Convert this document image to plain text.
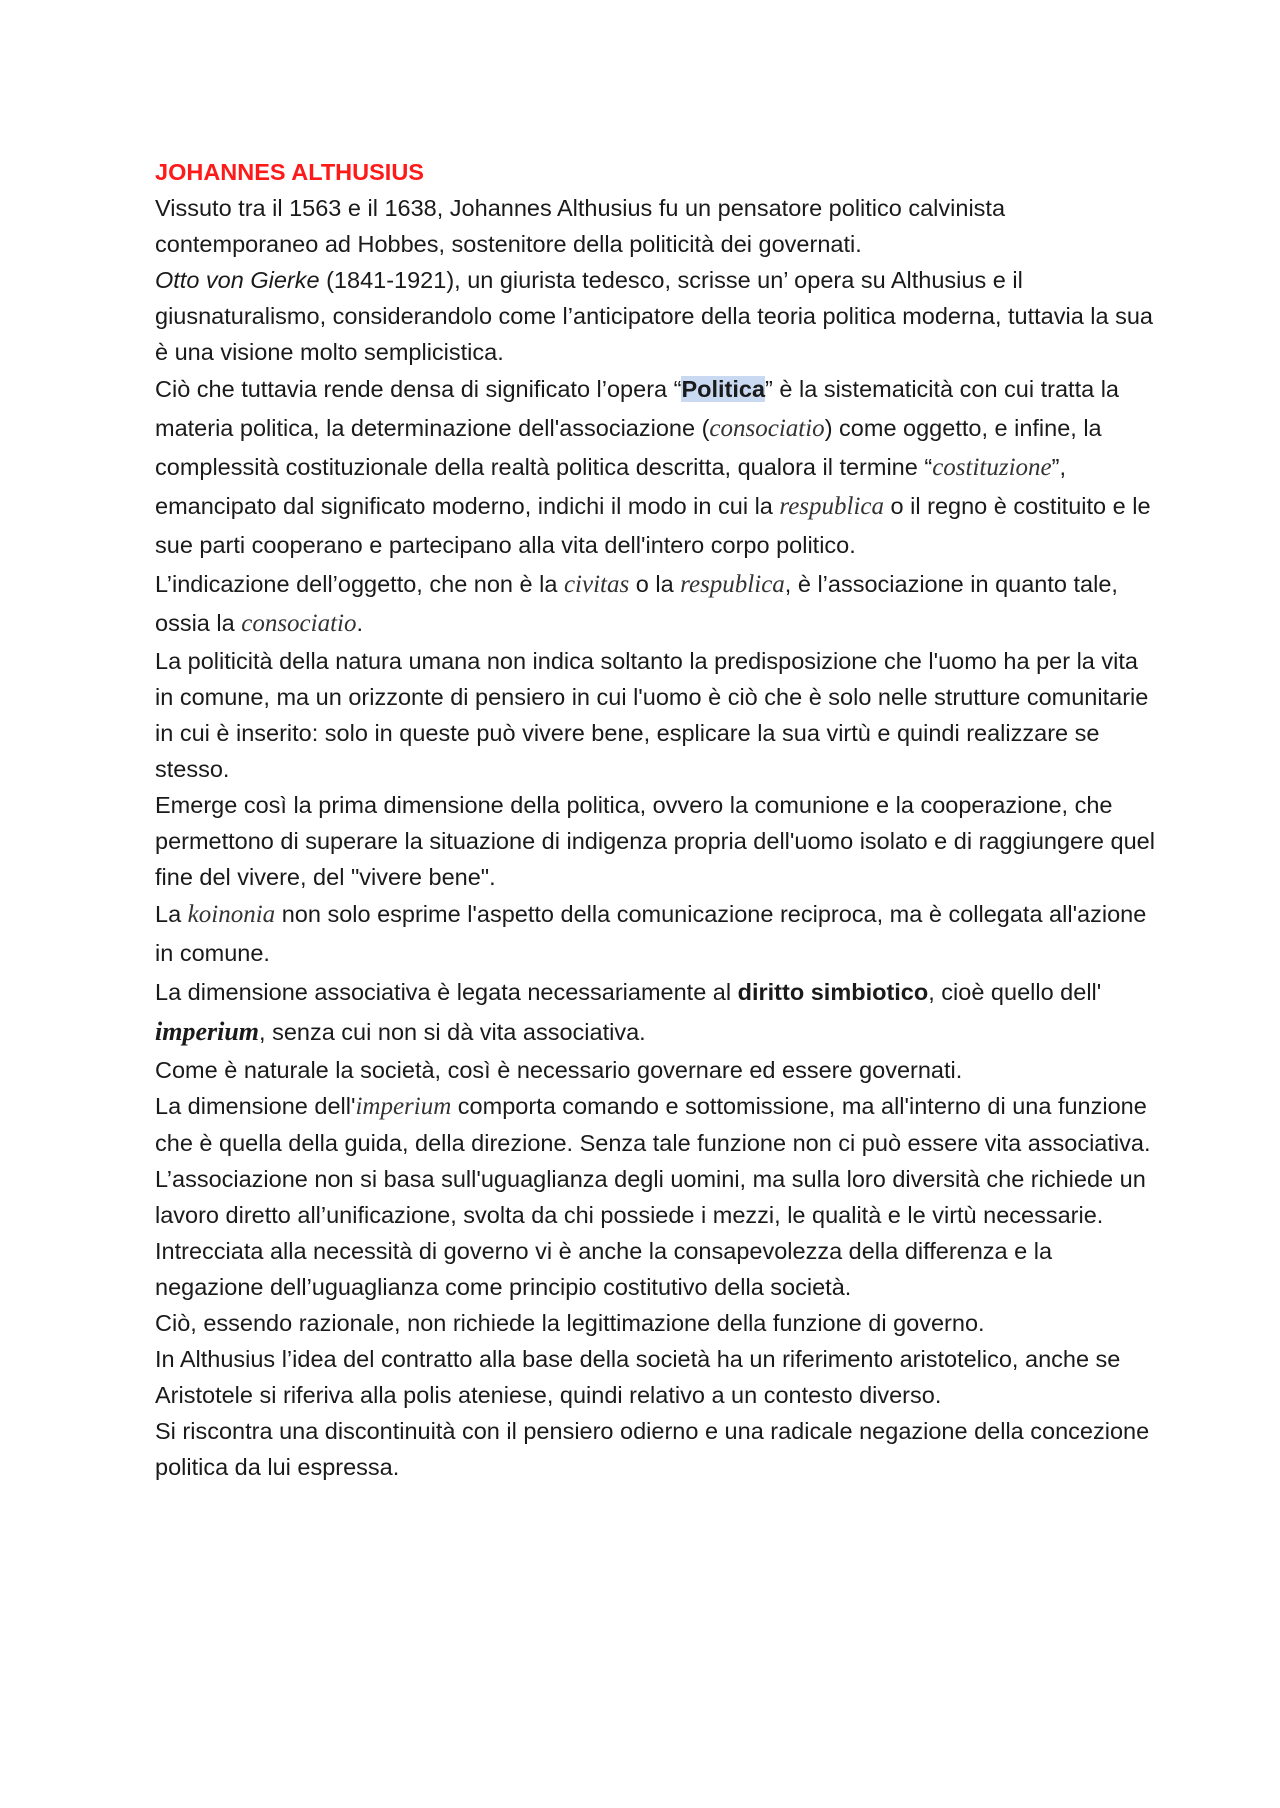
JOHANNES ALTHUSIUS

Vissuto tra il 1563 e il 1638, Johannes Althusius fu un pensatore politico calvinista contemporaneo ad Hobbes, sostenitore della politicità dei governati.

Otto von Gierke (1841-1921), un giurista tedesco, scrisse un’ opera su Althusius e il giusnaturalismo, considerandolo come l’anticipatore della teoria politica moderna, tuttavia la sua è una visione molto semplicistica.

Ciò che tuttavia rende densa di significato l’opera “Politica” è la sistematicità con cui tratta la materia politica, la determinazione dell'associazione (consociatio) come oggetto, e infine, la complessità costituzionale della realtà politica descritta, qualora il termine “costituzione”, emancipato dal significato moderno, indichi il modo in cui la respublica o il regno è costituito e le sue parti cooperano e partecipano alla vita dell'intero corpo politico.

L’indicazione dell’oggetto, che non è la civitas o la respublica, è l’associazione in quanto tale, ossia la consociatio.

La politicità della natura umana non indica soltanto la predisposizione che l'uomo ha per la vita in comune, ma un orizzonte di pensiero in cui l'uomo è ciò che è solo nelle strutture comunitarie in cui è inserito: solo in queste può vivere bene, esplicare la sua virtù e quindi realizzare se stesso.

Emerge così la prima dimensione della politica, ovvero la comunione e la cooperazione, che permettono di superare la situazione di indigenza propria dell'uomo isolato e di raggiungere quel fine del vivere, del "vivere bene".

La koinonia non solo esprime l'aspetto della comunicazione reciproca, ma è collegata all'azione in comune.

La dimensione associativa è legata necessariamente al diritto simbiotico, cioè quello dell' imperium, senza cui non si dà vita associativa.

Come è naturale la società, così è necessario governare ed essere governati.

La dimensione dell'imperium comporta comando e sottomissione, ma all'interno di una funzione che è quella della guida, della direzione. Senza tale funzione non ci può essere vita associativa. L’associazione non si basa sull'uguaglianza degli uomini, ma sulla loro diversità che richiede un lavoro diretto all’unificazione, svolta da chi possiede i mezzi, le qualità e le virtù necessarie.

Intrecciata alla necessità di governo vi è anche la consapevolezza della differenza e la negazione dell’uguaglianza come principio costitutivo della società.

Ciò, essendo razionale, non richiede la legittimazione della funzione di governo.

In Althusius l’idea del contratto alla base della società ha un riferimento aristotelico, anche se Aristotele si riferiva alla polis ateniese, quindi relativo a un contesto diverso.

Si riscontra una discontinuità con il pensiero odierno e una radicale negazione della concezione politica da lui espressa.
